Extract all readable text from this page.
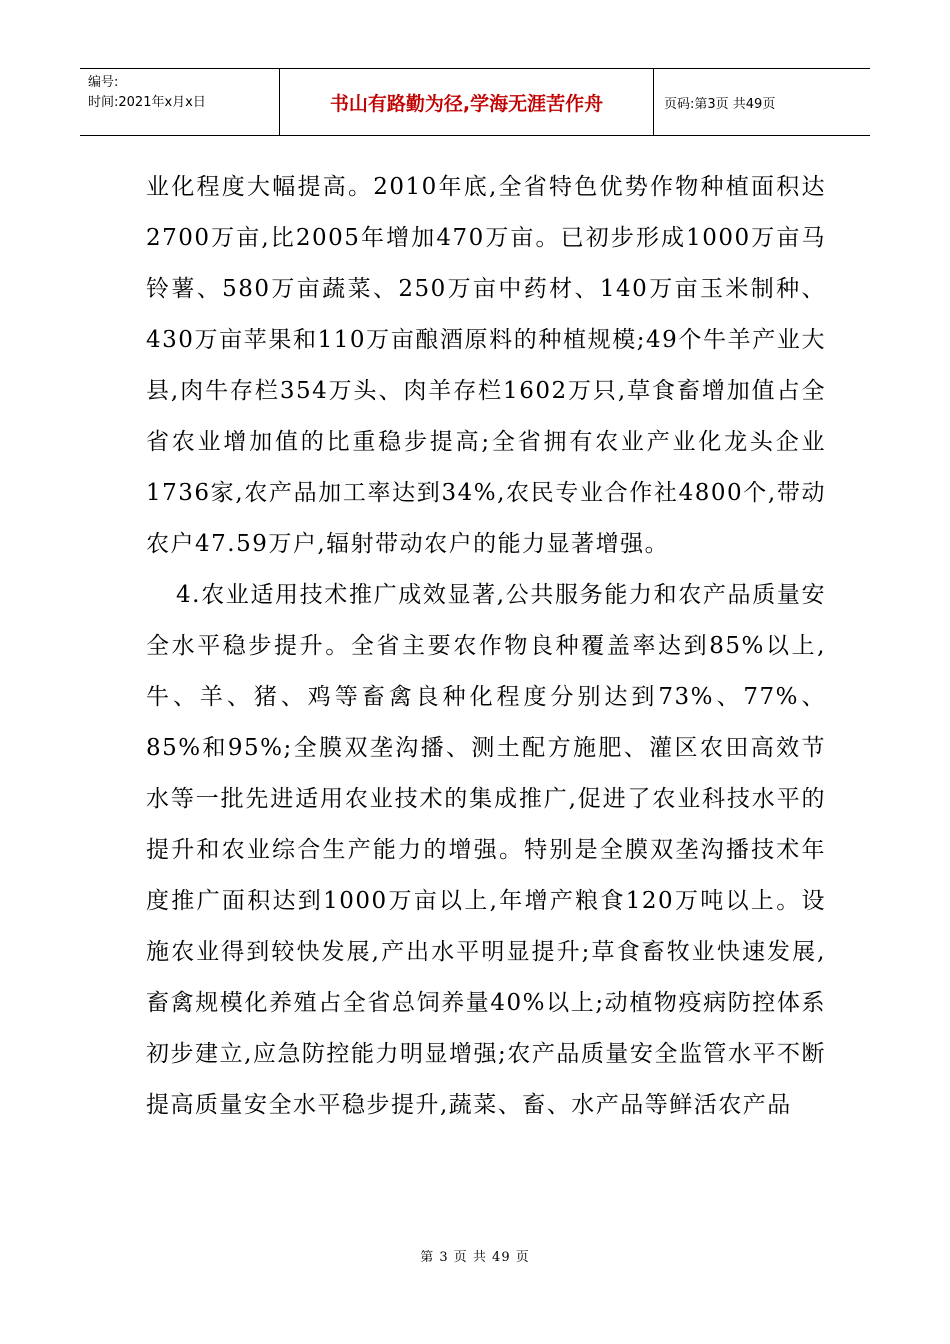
编号:
时间:2021年x月x日	书山有路勤为径,学海无涯苦作舟	页码:第3页 共49页

业化程度大幅提高。2010年底,全省特色优势作物种植面积达2700万亩,比2005年增加470万亩。已初步形成1000万亩马铃薯、580万亩蔬菜、250万亩中药材、140万亩玉米制种、430万亩苹果和110万亩酿酒原料的种植规模;49个牛羊产业大县,肉牛存栏354万头、肉羊存栏1602万只,草食畜增加值占全省农业增加值的比重稳步提高;全省拥有农业产业化龙头企业1736家,农产品加工率达到34%,农民专业合作社4800个,带动农户47.59万户,辐射带动农户的能力显著增强。

4.农业适用技术推广成效显著,公共服务能力和农产品质量安全水平稳步提升。全省主要农作物良种覆盖率达到85%以上,牛、羊、猪、鸡等畜禽良种化程度分别达到73%、77%、85%和95%;全膜双垄沟播、测土配方施肥、灌区农田高效节水等一批先进适用农业技术的集成推广,促进了农业科技水平的提升和农业综合生产能力的增强。特别是全膜双垄沟播技术年度推广面积达到1000万亩以上,年增产粮食120万吨以上。设施农业得到较快发展,产出水平明显提升;草食畜牧业快速发展,畜禽规模化养殖占全省总饲养量40%以上;动植物疫病防控体系初步建立,应急防控能力明显增强;农产品质量安全监管水平不断提高质量安全水平稳步提升,蔬菜、畜、水产品等鲜活农产品

第 3 页 共 49 页
